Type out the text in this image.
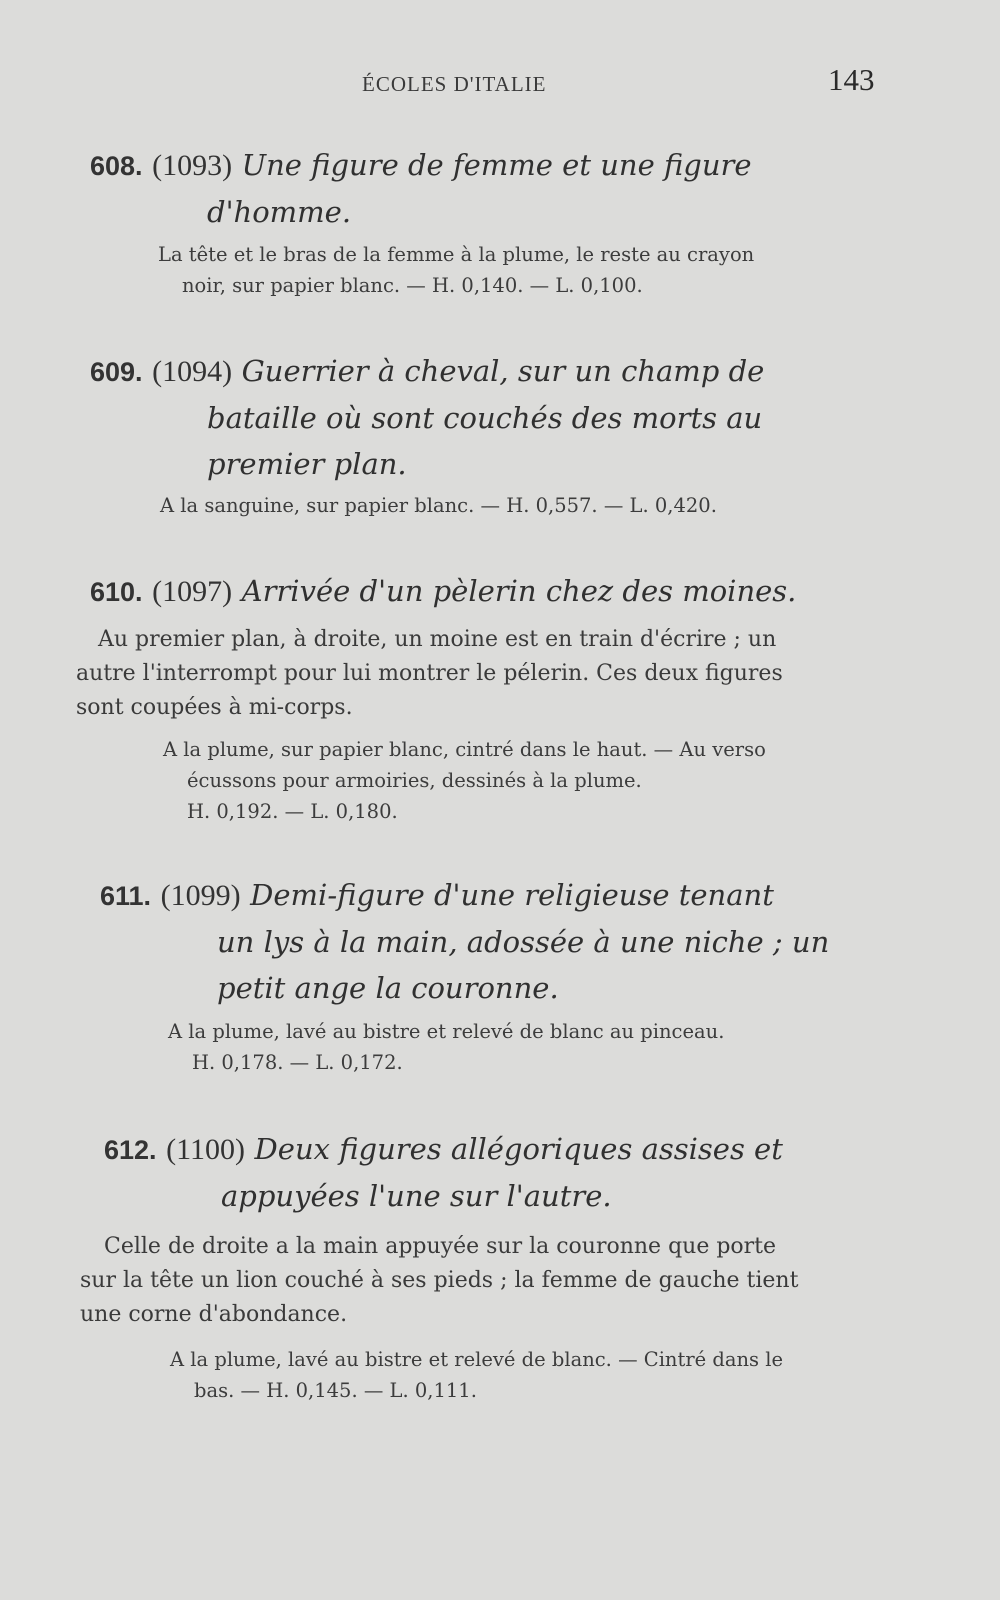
ÉCOLES D'ITALIE	143
608. (1093) Une figure de femme et une figure
d'homme.
La tête et le bras de la femme à la plume, le reste au crayon
noir, sur papier blanc. — H. 0,140. — L. 0,100.
609. (1094) Guerrier à cheval, sur un champ de
bataille où sont couchés des morts au
premier plan.
A la sanguine, sur papier blanc. — H. 0,557. — L. 0,420.
610. (1097) Arrivée d'un pèlerin chez des moines.
Au premier plan, à droite, un moine est en train d'écrire ; un
autre l'interrompt pour lui montrer le pélerin. Ces deux figures
sont coupées à mi-corps.
A la plume, sur papier blanc, cintré dans le haut. — Au verso
écussons pour armoiries, dessinés à la plume.
H. 0,192. — L. 0,180.
611. (1099) Demi-figure d'une religieuse tenant
un lys à la main, adossée à une niche ; un
petit ange la couronne.
A la plume, lavé au bistre et relevé de blanc au pinceau.
H. 0,178. — L. 0,172.
612. (1100) Deux figures allégoriques assises et
appuyées l'une sur l'autre.
Celle de droite a la main appuyée sur la couronne que porte
sur la tête un lion couché à ses pieds ; la femme de gauche tient
une corne d'abondance.
A la plume, lavé au bistre et relevé de blanc. — Cintré dans le
bas. — H. 0,145. — L. 0,111.
